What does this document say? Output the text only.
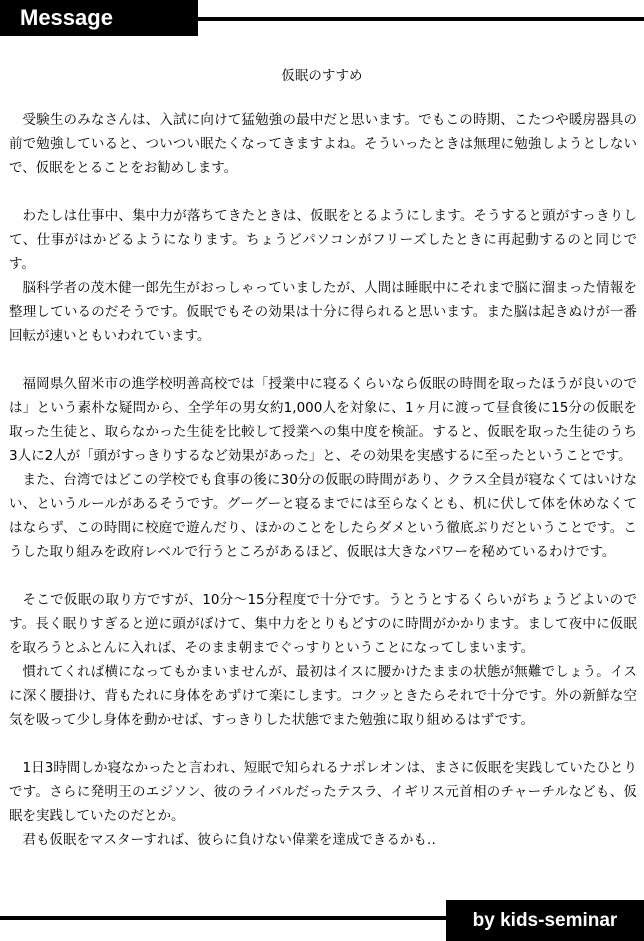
Message
仮眠のすすめ

受験生のみなさんは、入試に向けて猛勉強の最中だと思います。でもこの時期、こたつや暖房器具の前で勉強していると、ついつい眠たくなってきますよね。そういったときは無理に勉強しようとしないで、仮眠をとることをお勧めします。

わたしは仕事中、集中力が落ちてきたときは、仮眠をとるようにします。そうすると頭がすっきりして、仕事がはかどるようになります。ちょうどパソコンがフリーズしたときに再起動するのと同じです。

脳科学者の茂木健一郎先生がおっしゃっていましたが、人間は睡眠中にそれまで脳に溜まった情報を整理しているのだそうです。仮眠でもその効果は十分に得られると思います。また脳は起きぬけが一番回転が速いともいわれています。

福岡県久留米市の進学校明善高校では「授業中に寝るくらいなら仮眠の時間を取ったほうが良いのでは」という素朴な疑問から、全学年の男女約1,000人を対象に、1ヶ月に渡って昼食後に15分の仮眠を取った生徒と、取らなかった生徒を比較して授業への集中度を検証。すると、仮眠を取った生徒のうち3人に2人が「頭がすっきりするなど効果があった」と、その効果を実感するに至ったということです。

また、台湾ではどこの学校でも食事の後に30分の仮眠の時間があり、クラス全員が寝なくてはいけない、というルールがあるそうです。グーグーと寝るまでには至らなくとも、机に伏して体を休めなくてはならず、この時間に校庭で遊んだり、ほかのことをしたらダメという徹底ぶりだということです。こうした取り組みを政府レベルで行うところがあるほど、仮眠は大きなパワーを秘めているわけです。

そこで仮眠の取り方ですが、10分～15分程度で十分です。うとうとするくらいがちょうどよいのです。長く眠りすぎると逆に頭がぼけて、集中力をとりもどすのに時間がかかります。まして夜中に仮眠を取ろうとふとんに入れば、そのまま朝までぐっすりということになってしまいます。

慣れてくれば横になってもかまいませんが、最初はイスに腰かけたままの状態が無難でしょう。イスに深く腰掛け、背もたれに身体をあずけて楽にします。コクッときたらそれで十分です。外の新鮮な空気を吸って少し身体を動かせば、すっきりした状態でまた勉強に取り組めるはずです。

1日3時間しか寝なかったと言われ、短眠で知られるナポレオンは、まさに仮眠を実践していたひとりです。さらに発明王のエジソン、彼のライバルだったテスラ、イギリス元首相のチャーチルなども、仮眠を実践していたのだとか。

君も仮眠をマスターすれば、彼らに負けない偉業を達成できるかも‥

by kids-seminar
